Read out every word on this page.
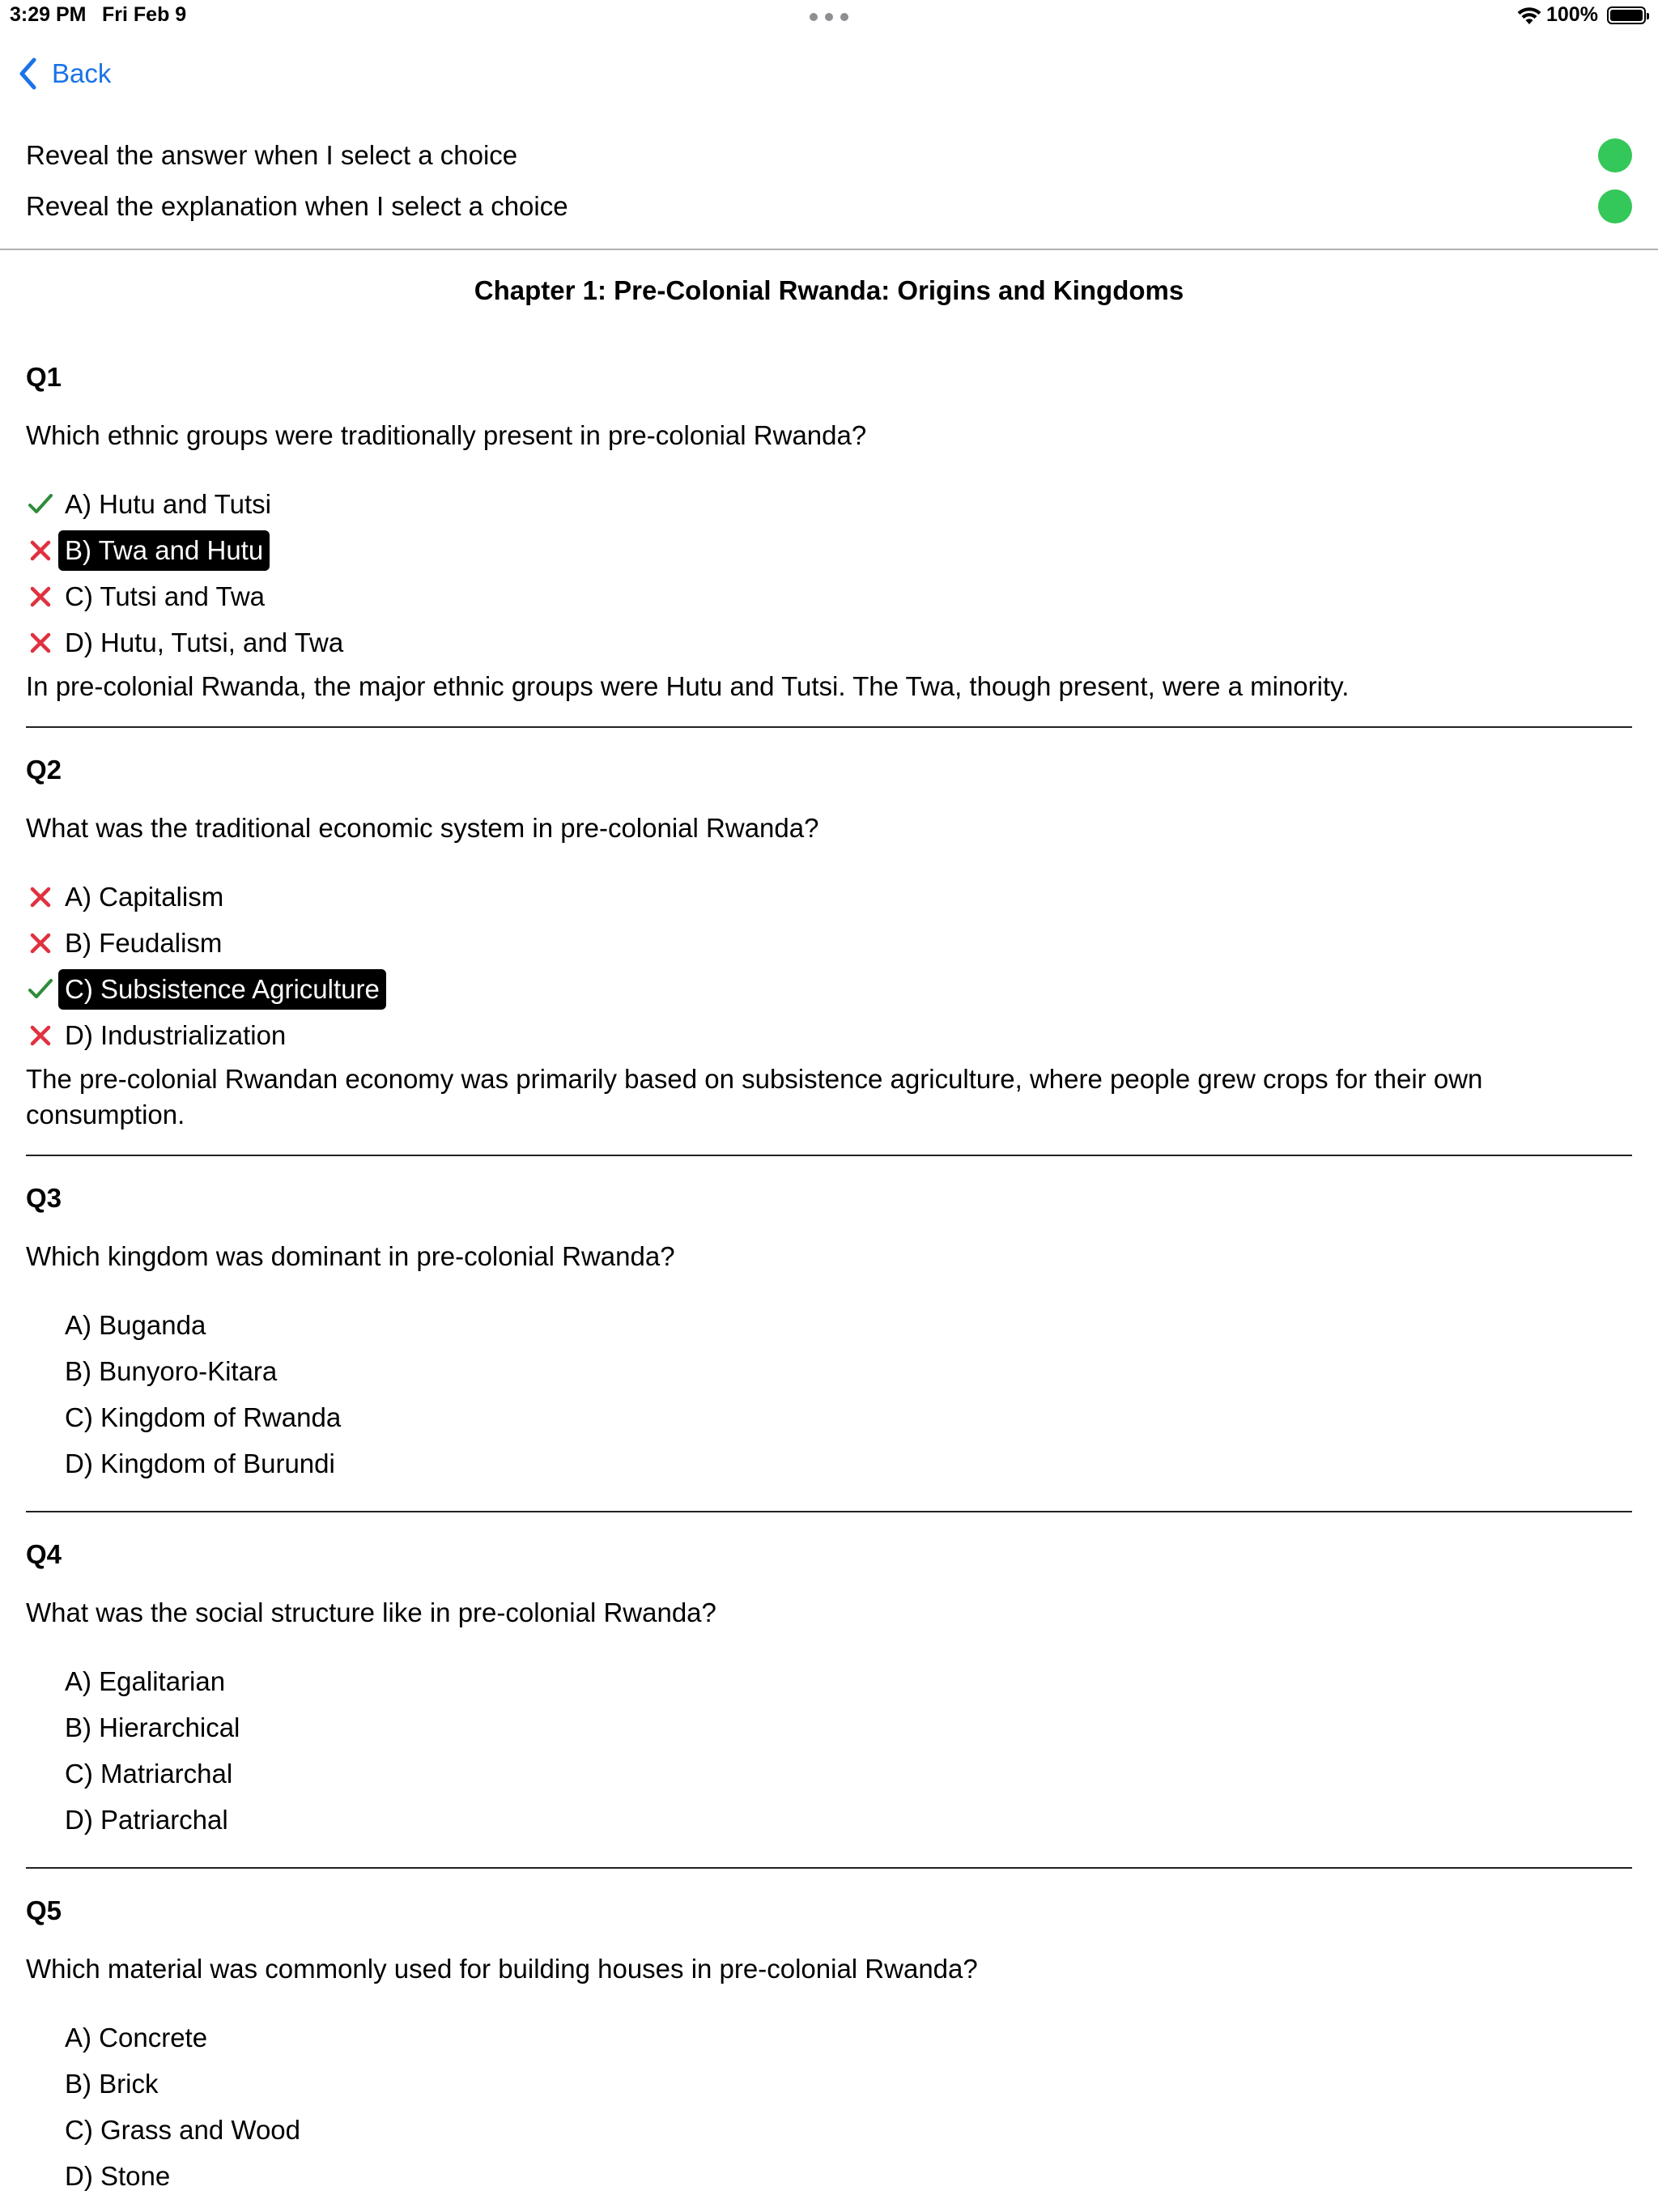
3:29 PM Fri Feb 9	100%
Back
Reveal the answer when I select a choice
Reveal the explanation when I select a choice
Chapter 1: Pre-Colonial Rwanda: Origins and Kingdoms
Q1
Which ethnic groups were traditionally present in pre-colonial Rwanda?
A) Hutu and Tutsi
B) Twa and Hutu
C) Tutsi and Twa
D) Hutu, Tutsi, and Twa
In pre-colonial Rwanda, the major ethnic groups were Hutu and Tutsi. The Twa, though present, were a minority.
Q2
What was the traditional economic system in pre-colonial Rwanda?
A) Capitalism
B) Feudalism
C) Subsistence Agriculture
D) Industrialization
The pre-colonial Rwandan economy was primarily based on subsistence agriculture, where people grew crops for their own consumption.
Q3
Which kingdom was dominant in pre-colonial Rwanda?
A) Buganda
B) Bunyoro-Kitara
C) Kingdom of Rwanda
D) Kingdom of Burundi
Q4
What was the social structure like in pre-colonial Rwanda?
A) Egalitarian
B) Hierarchical
C) Matriarchal
D) Patriarchal
Q5
Which material was commonly used for building houses in pre-colonial Rwanda?
A) Concrete
B) Brick
C) Grass and Wood
D) Stone
